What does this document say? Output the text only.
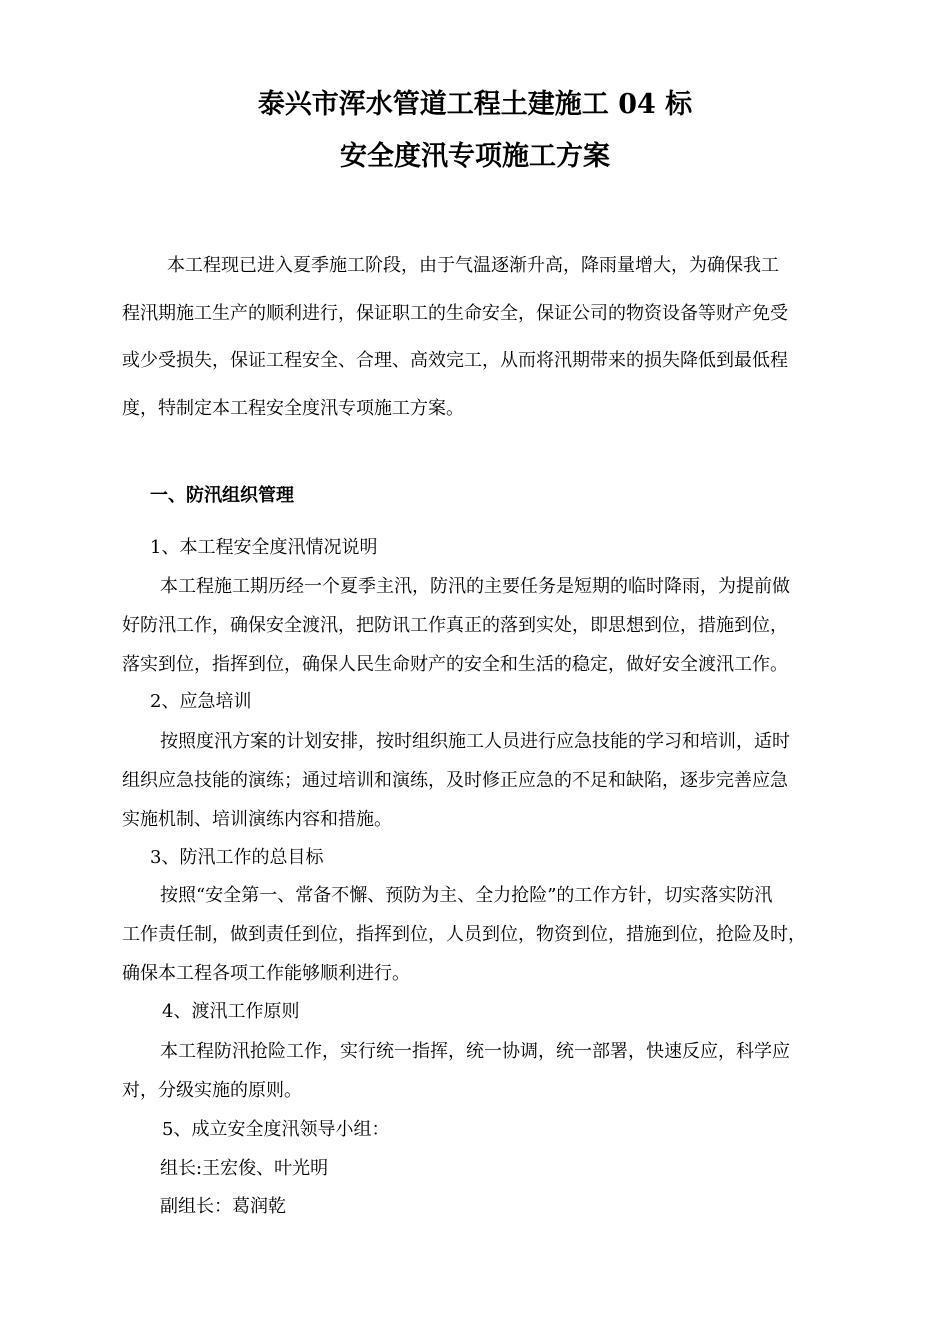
泰兴市浑水管道工程土建施工 04 标
安全度汛专项施工方案
本工程现已进入夏季施工阶段，由于气温逐渐升高，降雨量增大，为确保我工
程汛期施工生产的顺利进行，保证职工的生命安全，保证公司的物资设备等财产免受
或少受损失，保证工程安全、合理、高效完工，从而将汛期带来的损失降低到最低程
度，特制定本工程安全度汛专项施工方案。
一、防汛组织管理
1、本工程安全度汛情况说明
本工程施工期历经一个夏季主汛，防汛的主要任务是短期的临时降雨，为提前做
好防汛工作，确保安全渡汛，把防讯工作真正的落到实处，即思想到位，措施到位，
落实到位，指挥到位，确保人民生命财产的安全和生活的稳定，做好安全渡汛工作。
2、应急培训
按照度汛方案的计划安排，按时组织施工人员进行应急技能的学习和培训，适时
组织应急技能的演练；通过培训和演练，及时修正应急的不足和缺陷，逐步完善应急
实施机制、培训演练内容和措施。
3、防汛工作的总目标
按照“安全第一、常备不懈、预防为主、全力抢险”的工作方针，切实落实防汛
工作责任制，做到责任到位，指挥到位，人员到位，物资到位，措施到位，抢险及时，
确保本工程各项工作能够顺利进行。
4、渡汛工作原则
本工程防汛抢险工作，实行统一指挥，统一协调，统一部署，快速反应，科学应
对，分级实施的原则。
5、成立安全度汛领导小组：
组长:王宏俊、叶光明
副组长：葛润乾
